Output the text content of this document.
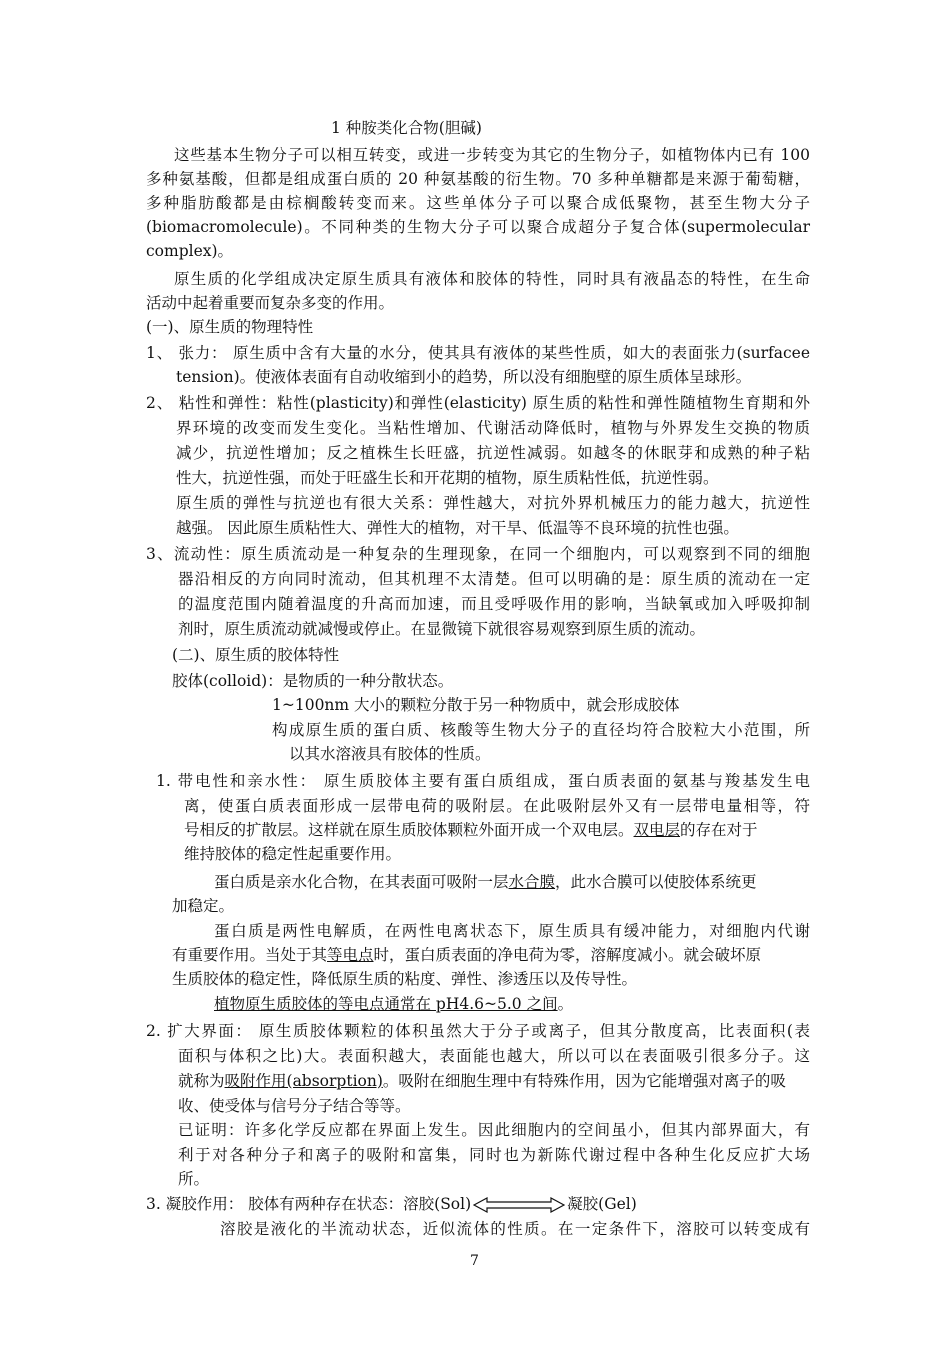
1 种胺类化合物(胆碱)
这些基本生物分子可以相互转变，或进一步转变为其它的生物分子，如植物体内已有 100
多种氨基酸，但都是组成蛋白质的 20 种氨基酸的衍生物。70 多种单糖都是来源于葡萄糖，
多种脂肪酸都是由棕榈酸转变而来。这些单体分子可以聚合成低聚物，甚至生物大分子
(biomacromolecule)。不同种类的生物大分子可以聚合成超分子复合体(supermolecular
complex)。
原生质的化学组成决定原生质具有液体和胶体的特性，同时具有液晶态的特性，在生命
活动中起着重要而复杂多变的作用。
(一)、原生质的物理特性
1、 张力： 原生质中含有大量的水分，使其具有液体的某些性质，如大的表面张力(surfacee
tension)。使液体表面有自动收缩到小的趋势，所以没有细胞壁的原生质体呈球形。
2、 粘性和弹性：粘性(plasticity)和弹性(elasticity) 原生质的粘性和弹性随植物生育期和外
界环境的改变而发生变化。当粘性增加、代谢活动降低时，植物与外界发生交换的物质
减少，抗逆性增加；反之植株生长旺盛，抗逆性减弱。如越冬的休眠芽和成熟的种子粘
性大，抗逆性强，而处于旺盛生长和开花期的植物，原生质粘性低，抗逆性弱。
原生质的弹性与抗逆也有很大关系：弹性越大，对抗外界机械压力的能力越大，抗逆性
越强。 因此原生质粘性大、弹性大的植物，对干旱、低温等不良环境的抗性也强。
3、流动性：原生质流动是一种复杂的生理现象，在同一个细胞内，可以观察到不同的细胞
器沿相反的方向同时流动，但其机理不太清楚。但可以明确的是：原生质的流动在一定
的温度范围内随着温度的升高而加速，而且受呼吸作用的影响，当缺氧或加入呼吸抑制
剂时，原生质流动就减慢或停止。在显微镜下就很容易观察到原生质的流动。
(二)、原生质的胶体特性
胶体(colloid)：是物质的一种分散状态。
1~100nm 大小的颗粒分散于另一种物质中，就会形成胶体
构成原生质的蛋白质、核酸等生物大分子的直径均符合胶粒大小范围，所
以其水溶液具有胶体的性质。
1. 带电性和亲水性： 原生质胶体主要有蛋白质组成，蛋白质表面的氨基与羧基发生电
离，使蛋白质表面形成一层带电荷的吸附层。在此吸附层外又有一层带电量相等，符
号相反的扩散层。这样就在原生质胶体颗粒外面开成一个双电层。双电层的存在对于
维持胶体的稳定性起重要作用。
蛋白质是亲水化合物，在其表面可吸附一层水合膜，此水合膜可以使胶体系统更
加稳定。
蛋白质是两性电解质，在两性电离状态下，原生质具有缓冲能力，对细胞内代谢
有重要作用。当处于其等电点时，蛋白质表面的净电荷为零，溶解度减小。就会破坏原
生质胶体的稳定性，降低原生质的粘度、弹性、渗透压以及传导性。
植物原生质胶体的等电点通常在 pH4.6~5.0 之间。
2. 扩大界面： 原生质胶体颗粒的体积虽然大于分子或离子，但其分散度高，比表面积(表
面积与体积之比)大。表面积越大，表面能也越大，所以可以在表面吸引很多分子。这
就称为吸附作用(absorption)。吸附在细胞生理中有特殊作用，因为它能增强对离子的吸
收、使受体与信号分子结合等等。
已证明：许多化学反应都在界面上发生。因此细胞内的空间虽小，但其内部界面大，有
利于对各种分子和离子的吸附和富集，同时也为新陈代谢过程中各种生化反应扩大场
所。
3. 凝胶作用： 胶体有两种存在状态：溶胶(Sol)	凝胶(Gel)
溶胶是液化的半流动状态，近似流体的性质。在一定条件下，溶胶可以转变成有
7
